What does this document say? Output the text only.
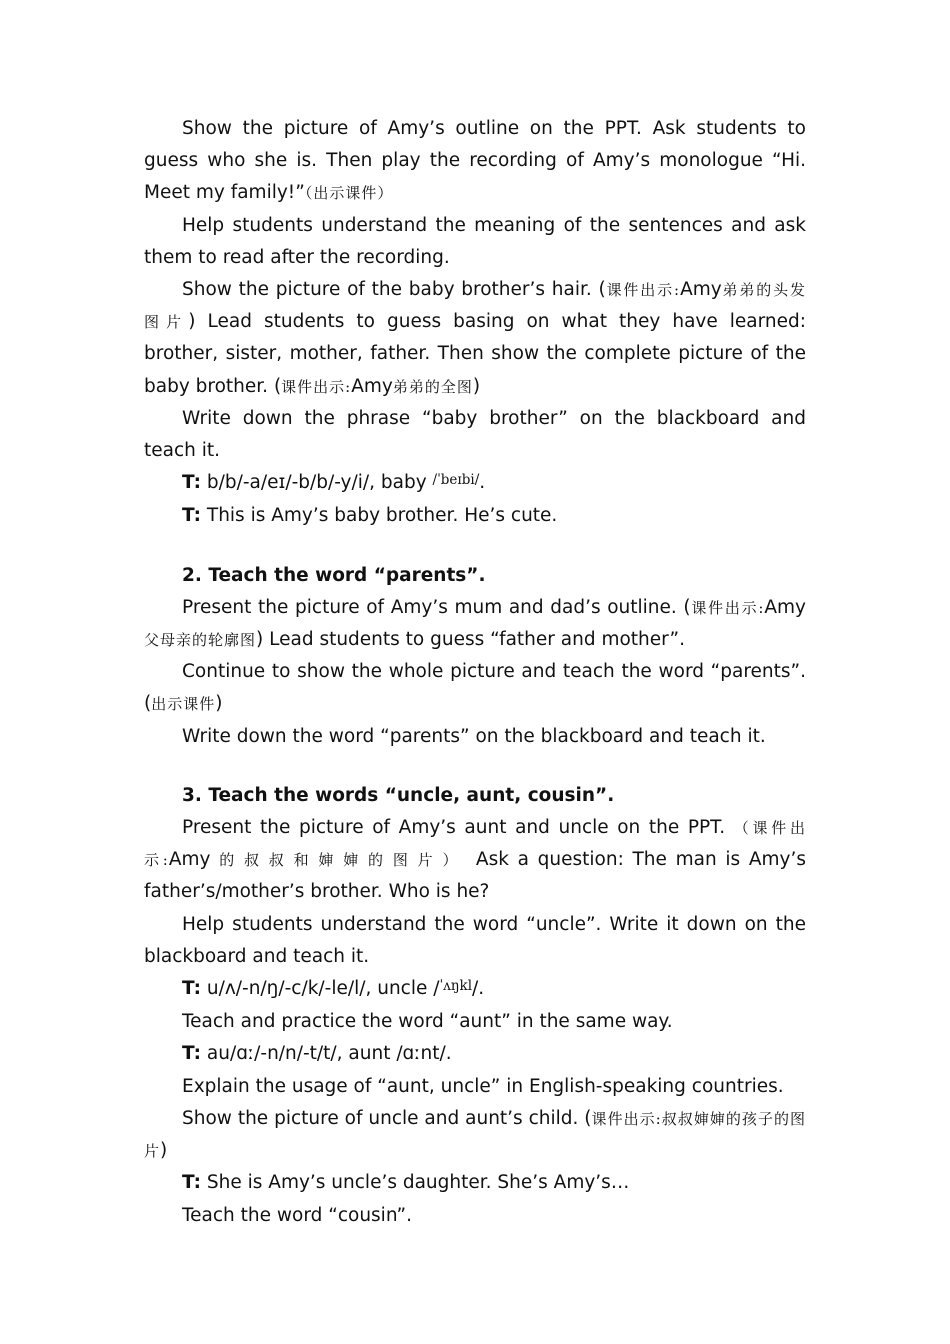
Show the picture of Amy’s outline on the PPT. Ask students to guess who she is. Then play the recording of Amy’s monologue “Hi. Meet my family!”（出示课件）

Help students understand the meaning of the sentences and ask them to read after the recording.

Show the picture of the baby brother’s hair. (课件出示:Amy弟弟的头发图片) Lead students to guess basing on what they have learned: brother, sister, mother, father. Then show the complete picture of the baby brother. (课件出示:Amy弟弟的全图)

Write down the phrase “baby brother” on the blackboard and teach it.

T: b/b/-a/eɪ/-b/b/-y/i/, baby $^{/ˈbeɪbi/}$.

T: This is Amy’s baby brother. He’s cute.

2. Teach the word “parents”.

Present the picture of Amy’s mum and dad’s outline. (课件出示:Amy父母亲的轮廓图) Lead students to guess “father and mother”.

Continue to show the whole picture and teach the word “parents”. (出示课件)

Write down the word “parents” on the blackboard and teach it.

3. Teach the words “uncle, aunt, cousin”.

Present the picture of Amy’s aunt and uncle on the PPT. （课件出示:Amy 的叔叔和婶婶的图片） Ask a question: The man is Amy’s father’s/mother’s brother. Who is he?

Help students understand the word “uncle”. Write it down on the blackboard and teach it.

T: u/ʌ/-n/ŋ/-c/k/-le/l/, uncle /$^{ˈʌŋkl}$/.

Teach and practice the word “aunt” in the same way.

T: au/ɑː/-n/n/-t/t/, aunt /ɑːnt/.

Explain the usage of “aunt, uncle” in English-speaking countries.

Show the picture of uncle and aunt’s child. (课件出示:叔叔婶婶的孩子的图片)

T: She is Amy’s uncle’s daughter. She’s Amy’s…

Teach the word “cousin”.
